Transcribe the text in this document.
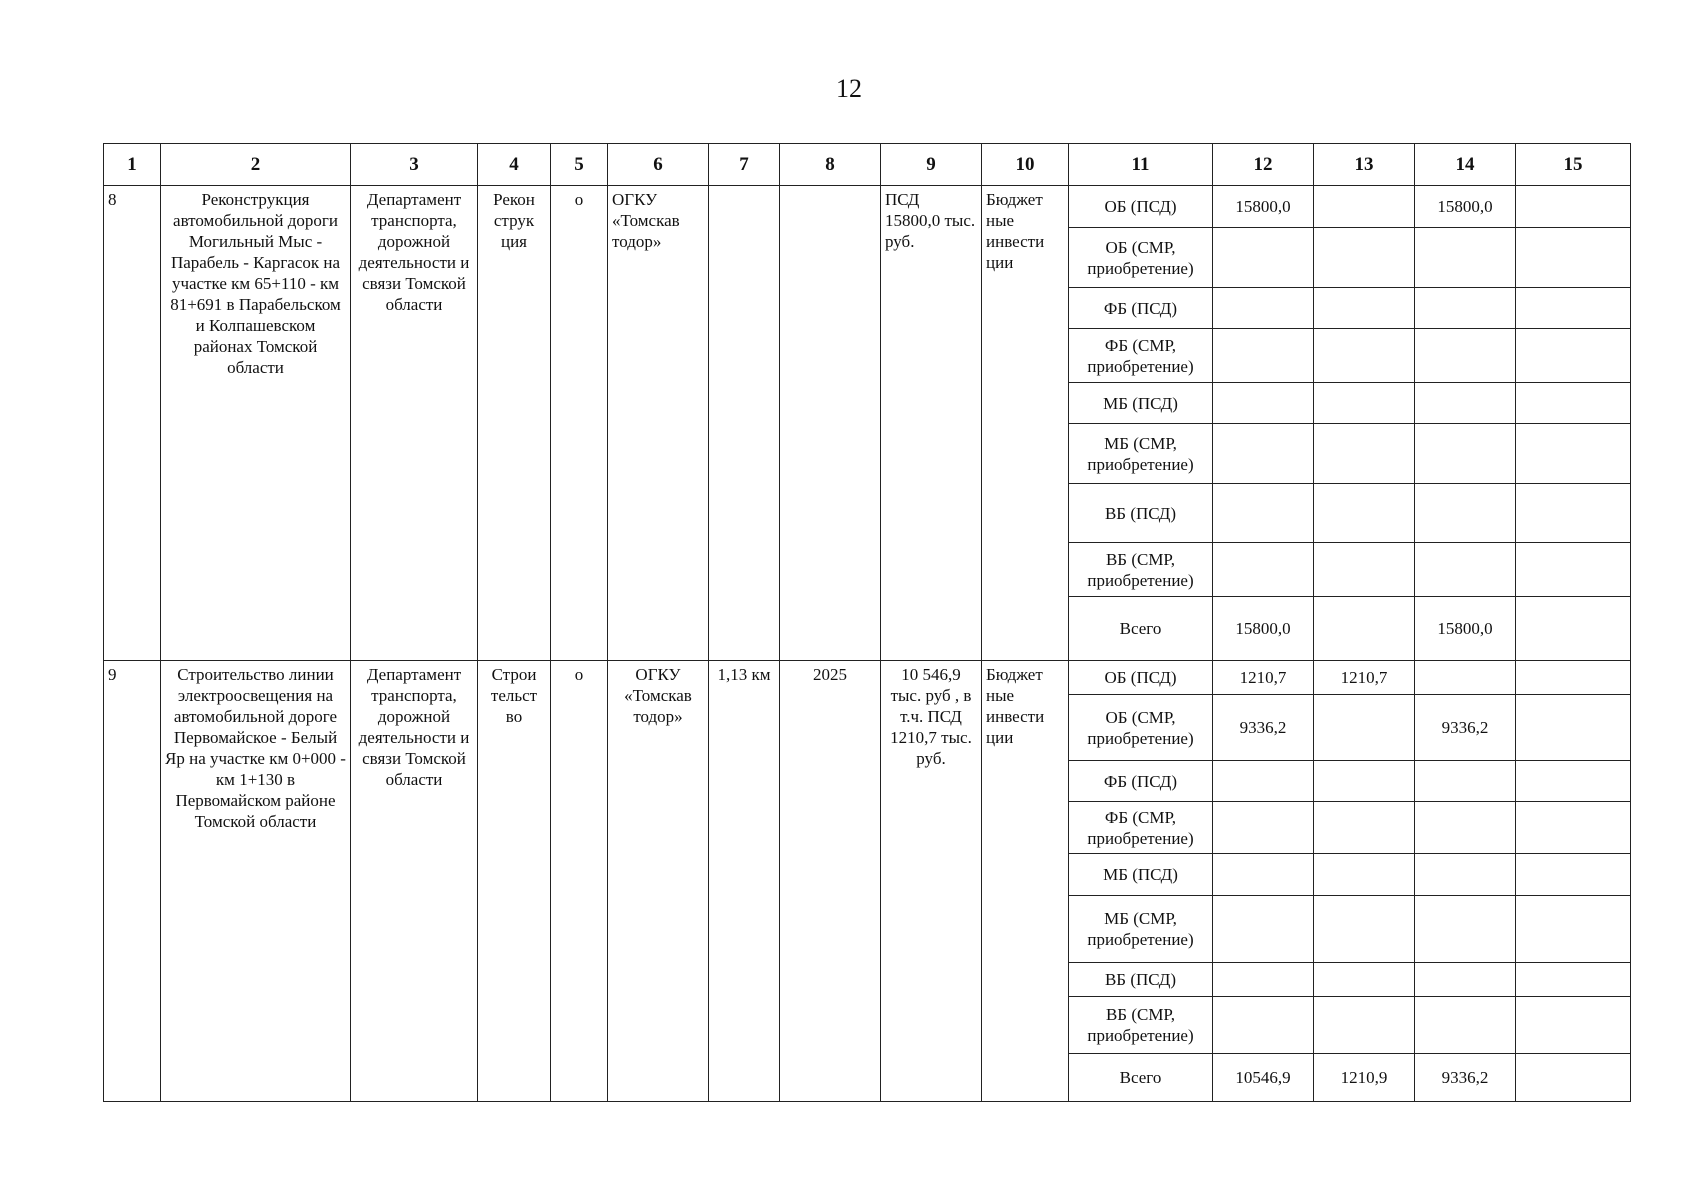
12
1	2	3	4	5	6	7	8	9	10	11	12	13	14	15
8	Реконструкция автомобильной дороги Могильный Мыс - Парабель - Каргасок на участке км 65+110 - км 81+691 в Парабельском и Колпашевском районах Томской области	Департамент транспорта, дорожной деятельности и связи Томской области	Рекон струк ция	о	ОГКУ «Томскав тодор»			ПСД 15800,0 тыс. руб.	Бюджет ные инвести ции	ОБ (ПСД)	15800,0		15800,0	
										ОБ (СМР, приобретение)				
										ФБ (ПСД)				
										ФБ (СМР, приобретение)				
										МБ (ПСД)				
										МБ (СМР, приобретение)				
										ВБ (ПСД)				
										ВБ (СМР, приобретение)				
										Всего	15800,0		15800,0	
9	Строительство линии электроосвещения на автомобильной дороге Первомайское - Белый Яр на участке км 0+000 - км 1+130 в Первомайском районе Томской области	Департамент транспорта, дорожной деятельности и связи Томской области	Строи тельст во	о	ОГКУ «Томскав тодор»	1,13 км	2025	10 546,9 тыс. руб , в т.ч. ПСД 1210,7 тыс. руб.	Бюджет ные инвести ции	ОБ (ПСД)	1210,7	1210,7		
										ОБ (СМР, приобретение)	9336,2		9336,2	
										ФБ (ПСД)				
										ФБ (СМР, приобретение)				
										МБ (ПСД)				
										МБ (СМР, приобретение)				
										ВБ (ПСД)				
										ВБ (СМР, приобретение)				
										Всего	10546,9	1210,9	9336,2	
